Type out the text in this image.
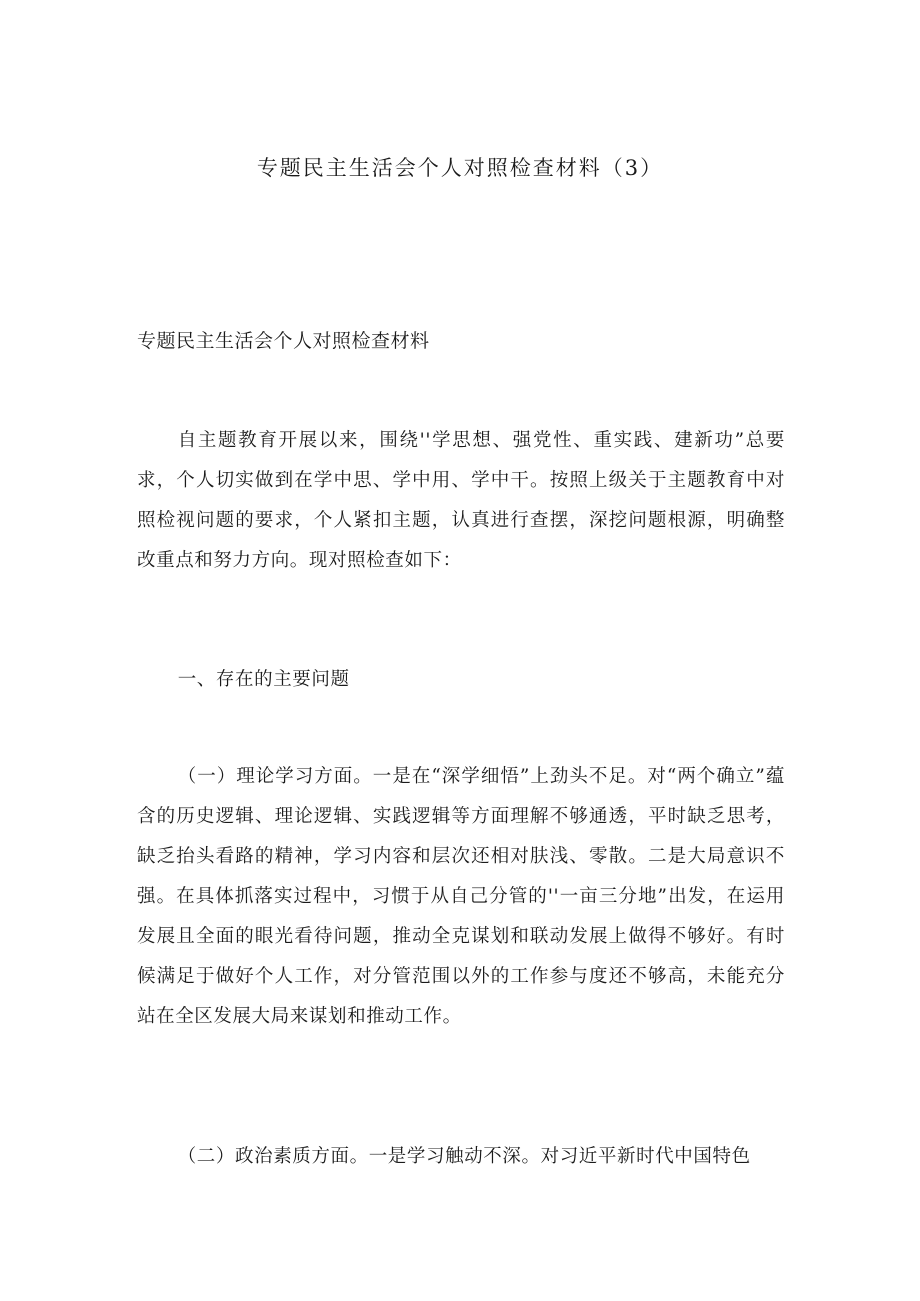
专题民主生活会个人对照检查材料（3）

专题民主生活会个人对照检查材料

自主题教育开展以来，围绕''学思想、强党性、重实践、建新功”总要求，个人切实做到在学中思、学中用、学中干。按照上级关于主题教育中对照检视问题的要求，个人紧扣主题，认真进行查摆，深挖问题根源，明确整改重点和努力方向。现对照检查如下：

一、存在的主要问题

（一）理论学习方面。一是在“深学细悟”上劲头不足。对“两个确立”蕴含的历史逻辑、理论逻辑、实践逻辑等方面理解不够通透，平时缺乏思考，缺乏抬头看路的精神，学习内容和层次还相对肤浅、零散。二是大局意识不强。在具体抓落实过程中，习惯于从自己分管的''一亩三分地”出发，在运用发展且全面的眼光看待问题，推动全克谋划和联动发展上做得不够好。有时候满足于做好个人工作，对分管范围以外的工作参与度还不够高，未能充分站在全区发展大局来谋划和推动工作。

（二）政治素质方面。一是学习触动不深。对习近平新时代中国特色
